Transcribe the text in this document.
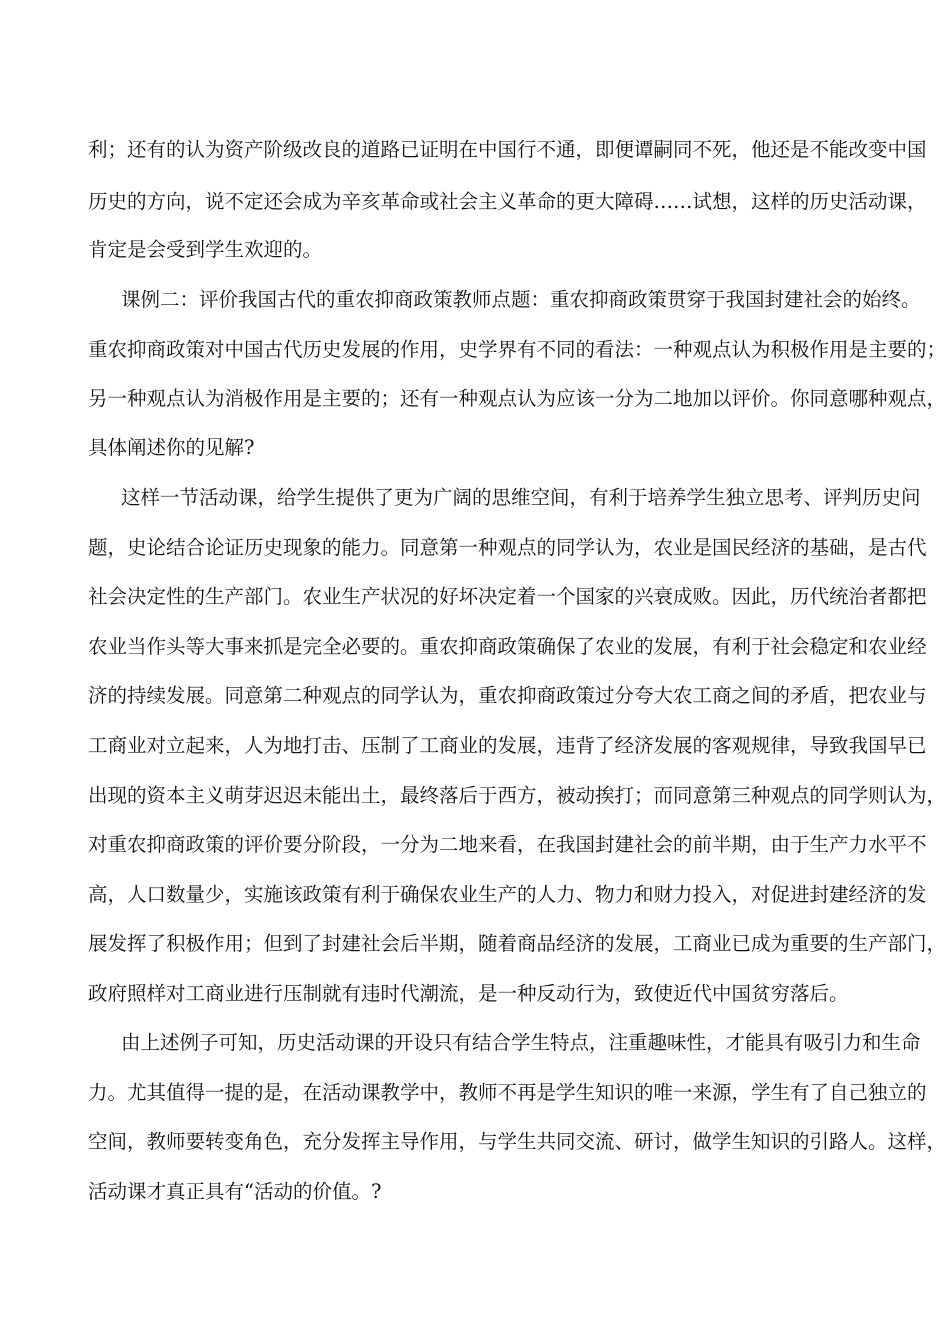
利；还有的认为资产阶级改良的道路已证明在中国行不通，即便谭嗣同不死，他还是不能改变中国
历史的方向，说不定还会成为辛亥革命或社会主义革命的更大障碍……试想，这样的历史活动课，
肯定是会受到学生欢迎的。
课例二：评价我国古代的重农抑商政策教师点题：重农抑商政策贯穿于我国封建社会的始终。
重农抑商政策对中国古代历史发展的作用，史学界有不同的看法：一种观点认为积极作用是主要的；
另一种观点认为消极作用是主要的；还有一种观点认为应该一分为二地加以评价。你同意哪种观点，
具体阐述你的见解?
这样一节活动课，给学生提供了更为广阔的思维空间，有利于培养学生独立思考、评判历史问
题，史论结合论证历史现象的能力。同意第一种观点的同学认为，农业是国民经济的基础，是古代
社会决定性的生产部门。农业生产状况的好坏决定着一个国家的兴衰成败。因此，历代统治者都把
农业当作头等大事来抓是完全必要的。重农抑商政策确保了农业的发展，有利于社会稳定和农业经
济的持续发展。同意第二种观点的同学认为，重农抑商政策过分夸大农工商之间的矛盾，把农业与
工商业对立起来，人为地打击、压制了工商业的发展，违背了经济发展的客观规律，导致我国早已
出现的资本主义萌芽迟迟未能出土，最终落后于西方，被动挨打；而同意第三种观点的同学则认为，
对重农抑商政策的评价要分阶段，一分为二地来看，在我国封建社会的前半期，由于生产力水平不
高，人口数量少，实施该政策有利于确保农业生产的人力、物力和财力投入，对促进封建经济的发
展发挥了积极作用；但到了封建社会后半期，随着商品经济的发展，工商业已成为重要的生产部门，
政府照样对工商业进行压制就有违时代潮流，是一种反动行为，致使近代中国贫穷落后。
由上述例子可知，历史活动课的开设只有结合学生特点，注重趣味性，才能具有吸引力和生命
力。尤其值得一提的是，在活动课教学中，教师不再是学生知识的唯一来源，学生有了自己独立的
空间，教师要转变角色，充分发挥主导作用，与学生共同交流、研讨，做学生知识的引路人。这样，
活动课才真正具有“活动的价值。?
